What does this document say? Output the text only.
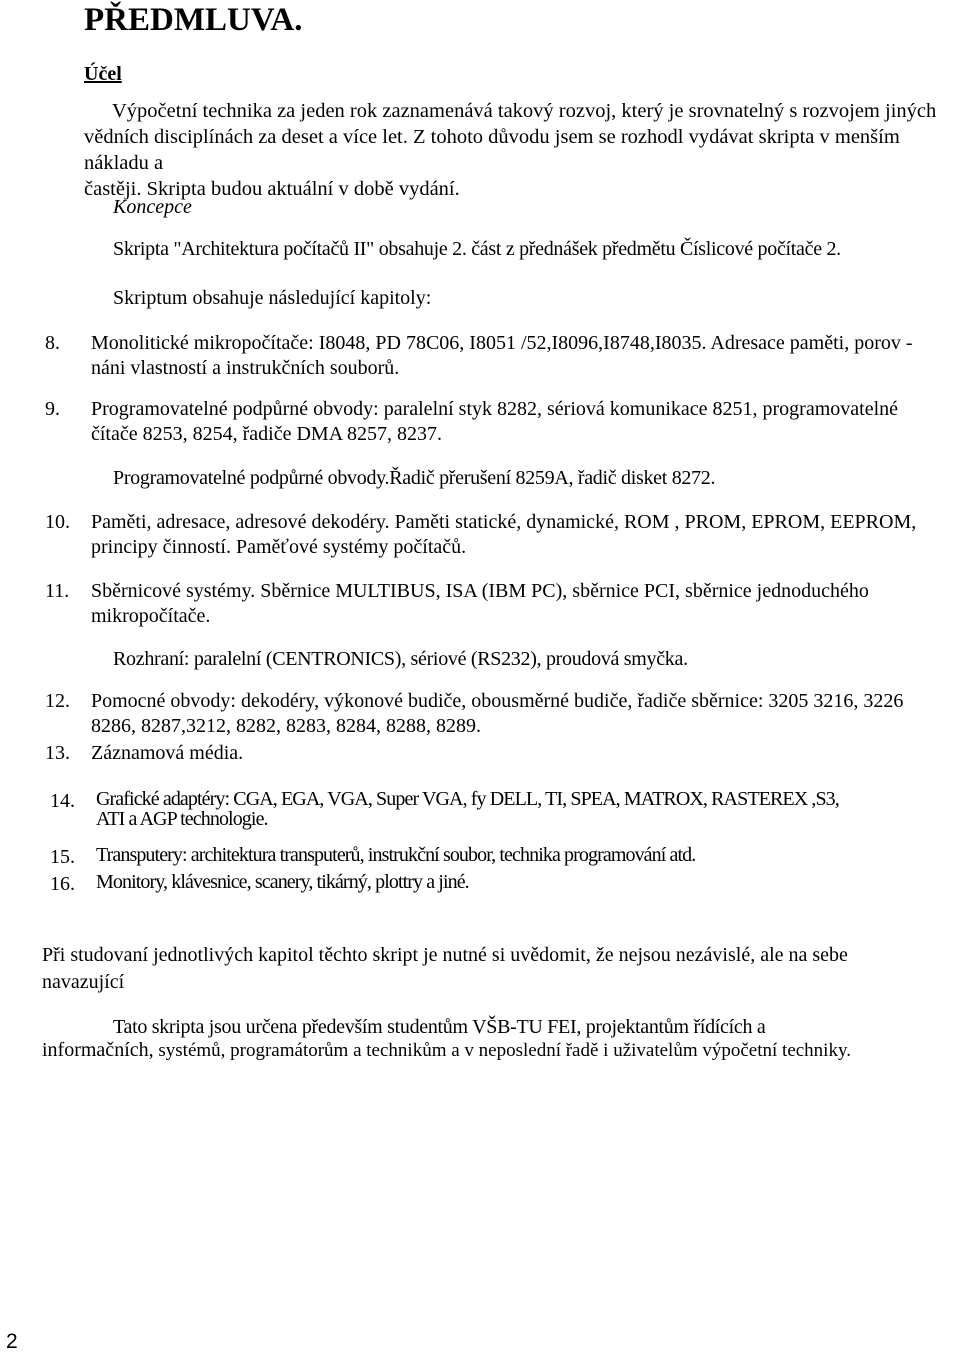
PŘEDMLUVA.
Účel
Výpočetní technika za jeden rok zaznamenává takový rozvoj, který je srovnatelný s rozvojem jiných
vědních disciplínách za deset a více let. Z tohoto důvodu jsem se rozhodl vydávat skripta v menším nákladu a
častěji. Skripta budou aktuální v době vydání.
Koncepce
Skripta "Architektura počítačů II" obsahuje 2. část z přednášek předmětu Číslicové počítače 2.
Skriptum obsahuje následující kapitoly:
8. Monolitické mikropočítače: I8048, PD 78C06, I8051 /52,I8096,I8748,I8035. Adresace paměti, porov -
náni vlastností a instrukčních souborů.
9. Programovatelné podpůrné obvody: paralelní styk 8282, sériová komunikace 8251, programovatelné
čítače 8253, 8254, řadiče DMA 8257, 8237.
Programovatelné podpůrné obvody.Řadič přerušení 8259A, řadič disket 8272.
10. Paměti, adresace, adresové dekodéry. Paměti statické, dynamické, ROM , PROM, EPROM, EEPROM,
principy činností. Paměťové systémy počítačů.
11. Sběrnicové systémy. Sběrnice MULTIBUS, ISA (IBM PC), sběrnice PCI, sběrnice jednoduchého
mikropočítače.
Rozhraní: paralelní (CENTRONICS), sériové (RS232), proudová smyčka.
12. Pomocné obvody: dekodéry, výkonové budiče, obousměrné budiče, řadiče sběrnice: 3205 3216, 3226
8286, 8287,3212, 8282, 8283, 8284, 8288, 8289.
13. Záznamová média.
14. Grafické adaptéry: CGA, EGA, VGA, Super VGA, fy DELL, TI, SPEA, MATROX, RASTEREX ,S3,
ATI a AGP technologie.
15. Transputery: architektura transputerů, instrukční soubor, technika programování atd.
16. Monitory, klávesnice, scanery, tikárný, plottry a jiné.
Při studovaní jednotlivých kapitol těchto skript je nutné si uvědomit, že nejsou nezávislé, ale na sebe
navazující
Tato skripta jsou určena především studentům VŠB-TU FEI, projektantům řídících a
informačních, systémů, programátorům a technikům a v neposlední řadě i uživatelům výpočetní techniky.
2
